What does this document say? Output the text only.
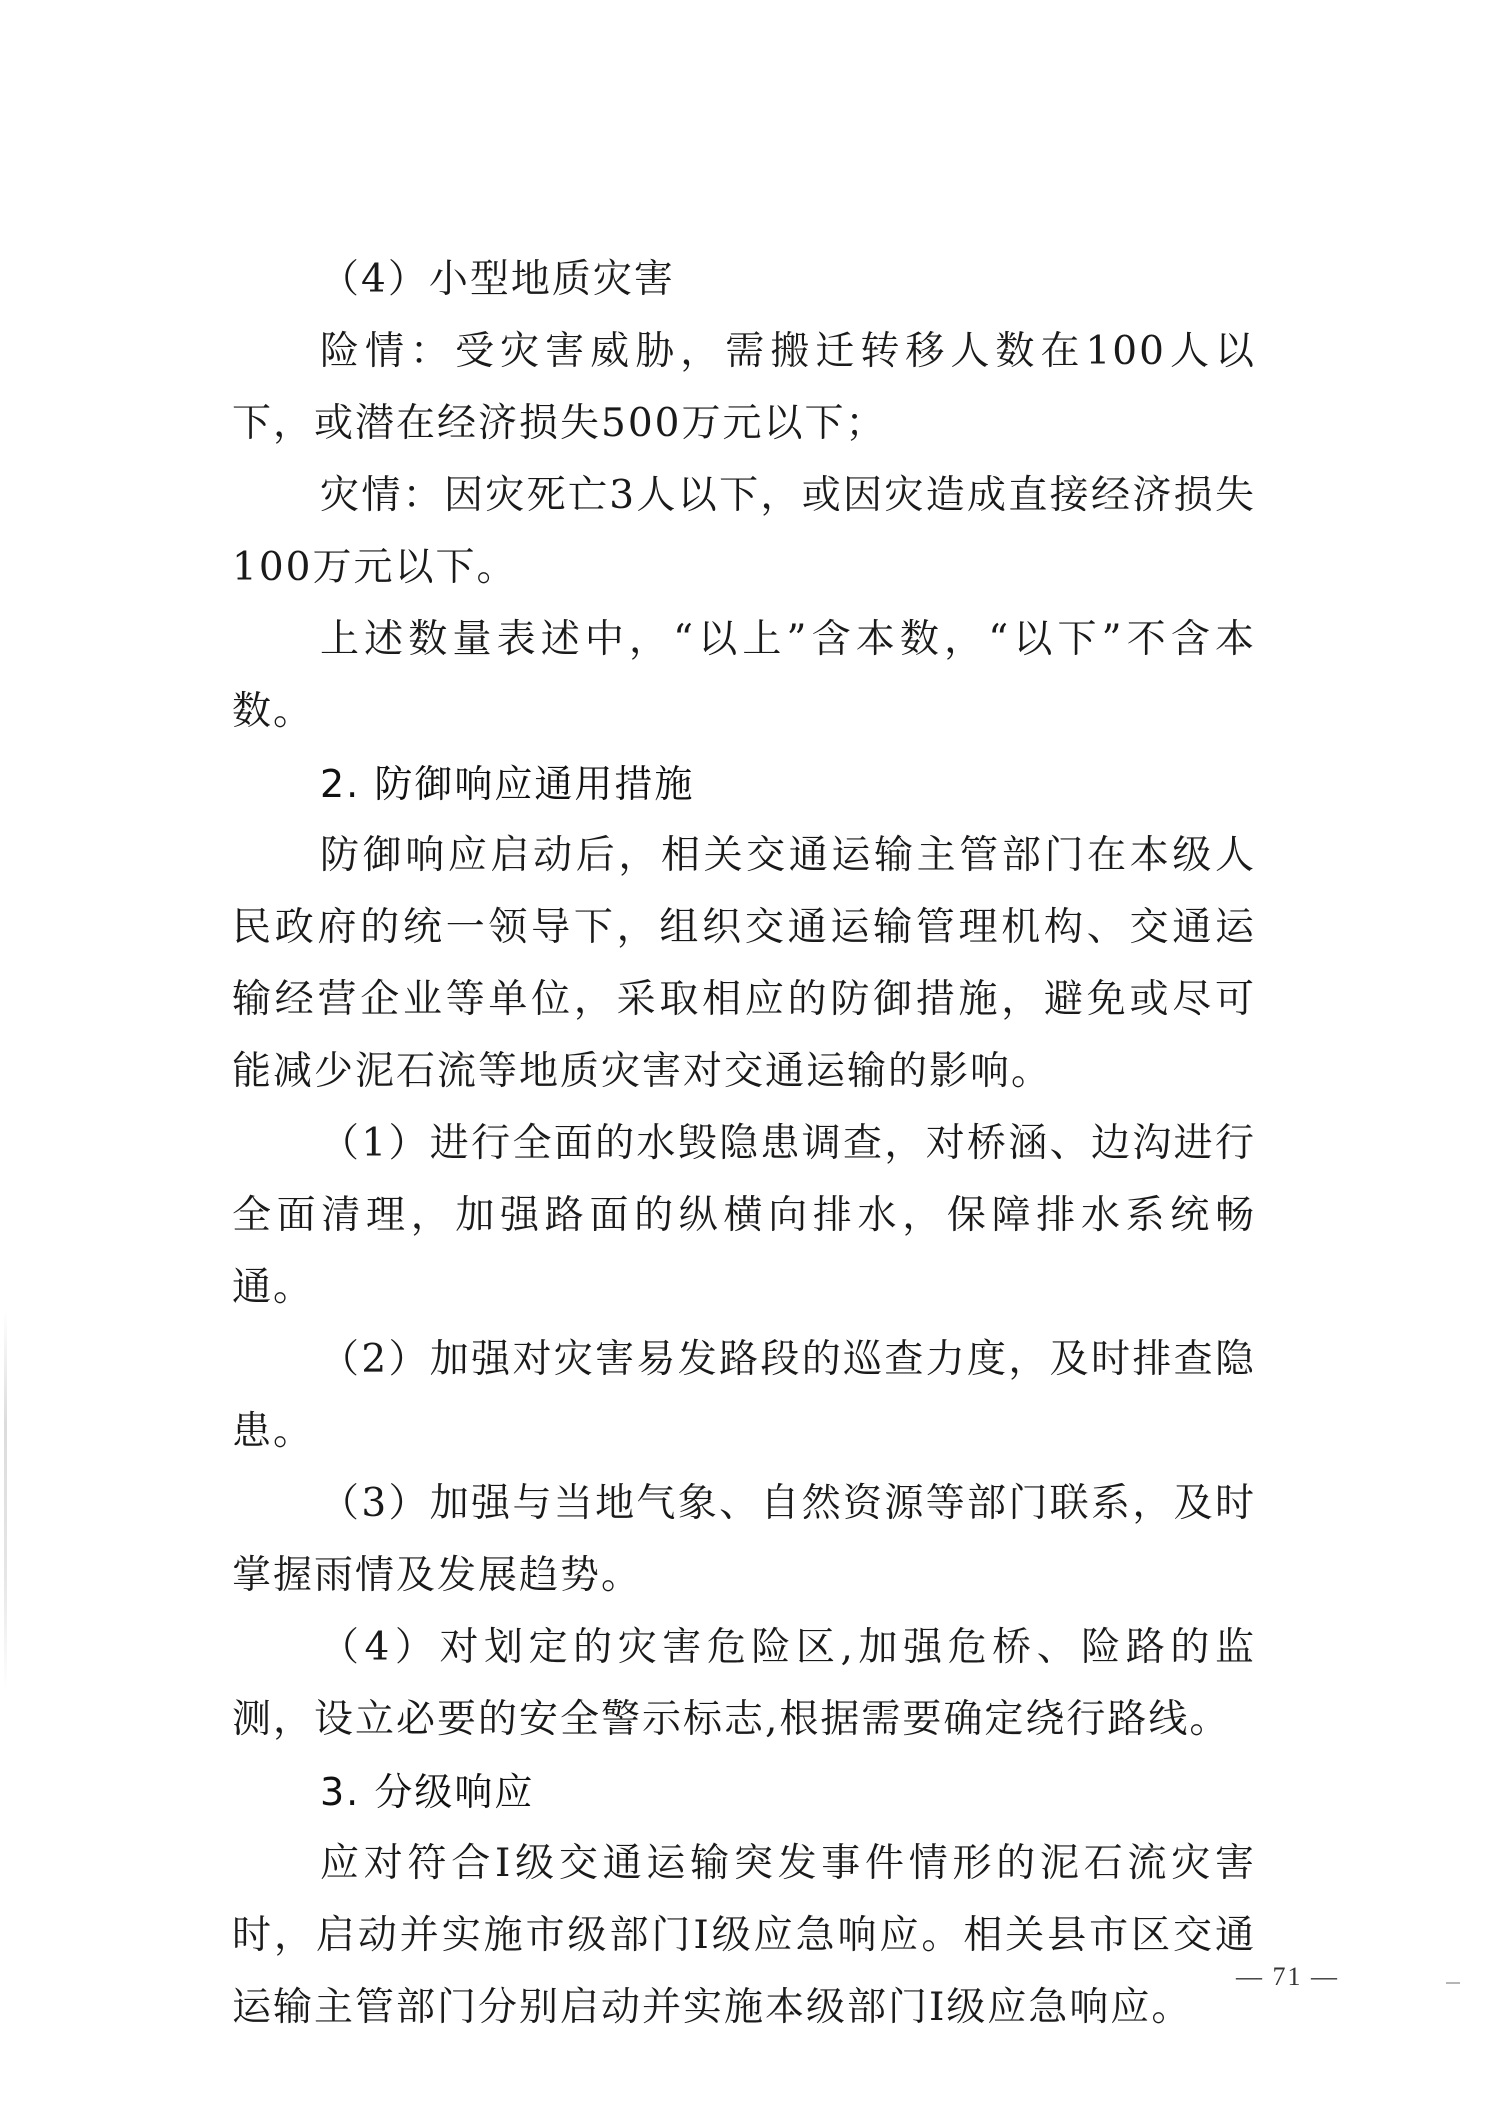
（4）小型地质灾害

险情：受灾害威胁，需搬迁转移人数在100人以下，或潜在经济损失500万元以下；

灾情：因灾死亡3人以下，或因灾造成直接经济损失100万元以下。

上述数量表述中，“以上”含本数，“以下”不含本数。

2. 防御响应通用措施

防御响应启动后，相关交通运输主管部门在本级人民政府的统一领导下，组织交通运输管理机构、交通运输经营企业等单位，采取相应的防御措施，避免或尽可能减少泥石流等地质灾害对交通运输的影响。

（1）进行全面的水毁隐患调查，对桥涵、边沟进行全面清理，加强路面的纵横向排水，保障排水系统畅通。

（2）加强对灾害易发路段的巡查力度，及时排查隐患。

（3）加强与当地气象、自然资源等部门联系，及时掌握雨情及发展趋势。

（4）对划定的灾害危险区,加强危桥、险路的监测，设立必要的安全警示标志,根据需要确定绕行路线。

3. 分级响应

应对符合Ⅰ级交通运输突发事件情形的泥石流灾害时，启动并实施市级部门Ⅰ级应急响应。相关县市区交通运输主管部门分别启动并实施本级部门Ⅰ级应急响应。

— 71 —
